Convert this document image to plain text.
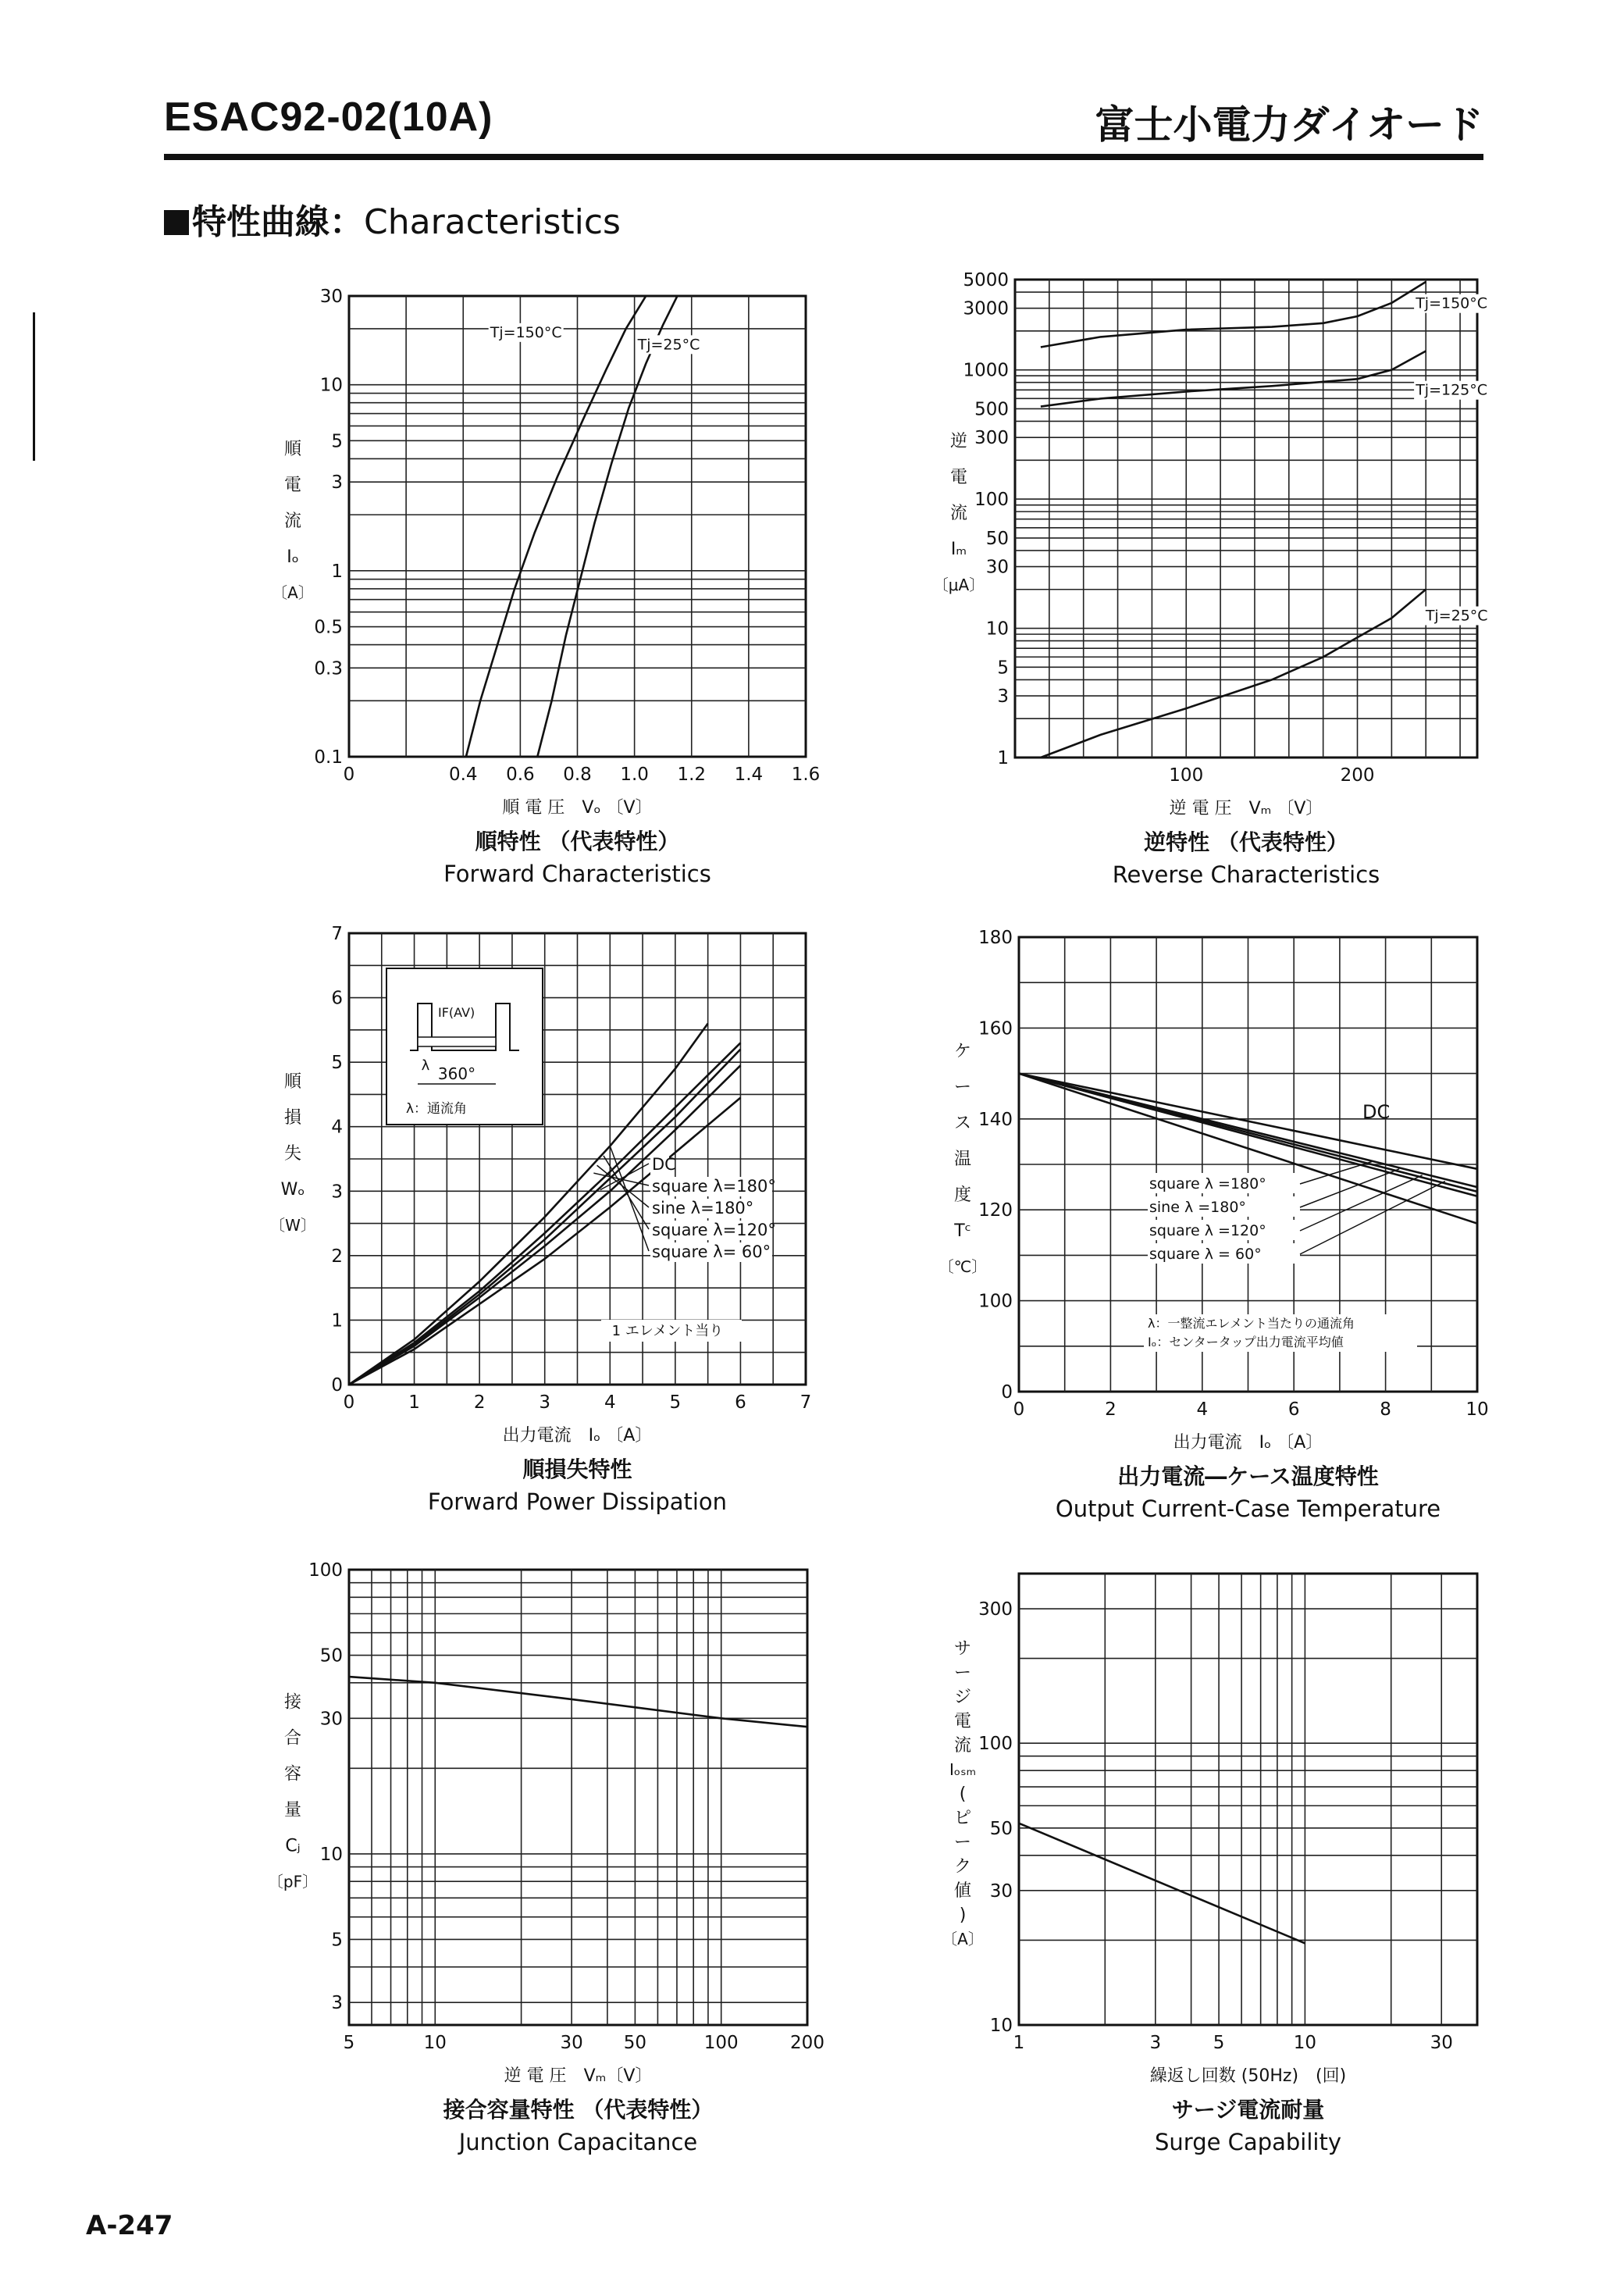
ESAC92-02(10A)	富士小電力ダイオード
特性曲線：Characteristics
0	0.4 0.6 0.8 1.0 1.2 1.4 1.6
0.1
0.3
0.5
1
3
5
10
30
Tj=150°C
Tj=25°C
順 電 圧　Vₒ 〔V〕
順特性 （代表特性）
Forward Characteristics
順
電
流
Iₒ
〔A〕
100	200
1
3
5
10
30
50
100
300
500
1000
3000
5000
Tj=150°C
Tj=125°C
Tj=25°C
逆 電 圧　Vₘ 〔V〕
逆特性 （代表特性）
Reverse Characteristics
逆
電
流
Iₘ
〔μA〕
0	1	2	3	4	5	6	7
0
1
2
3
4
5
6
7
出力電流　Iₒ 〔A〕
順損失特性
Forward Power Dissipation
順
損
失
Wₒ
〔W〕
0	2	4	6	8	10
100
120
140
160
180
0
出力電流　Iₒ 〔A〕
出力電流―ケース温度特性
Output Current-Case Temperature
ケ
ー
ス
温
度
Tᶜ
〔℃〕
5	10	30 50	100	200
3
5
10
30
50
100
逆 電 圧　Vₘ〔V〕
接合容量特性 （代表特性）
Junction Capacitance
接
合
容
量
Cⱼ
〔pF〕
1	3	5	10	30
10
30
50
100
300
繰返し回数 (50Hz)　(回)
サージ電流耐量
Surge Capability
サ
ー
ジ
電
流
Iₒₛₘ
(
ピ
ー
ク
値
)
〔A〕
DC
square λ=180°
sine λ=180°
square λ=120°
square λ= 60°
IF(AV)
λ 360°
λ：通流角
1 エレメント当り
DC
square λ =180°
sine λ =180°
square λ =120°
square λ = 60°
λ：一整流エレメント当たりの通流角
Iₒ：センタータップ出力電流平均値
A-247
